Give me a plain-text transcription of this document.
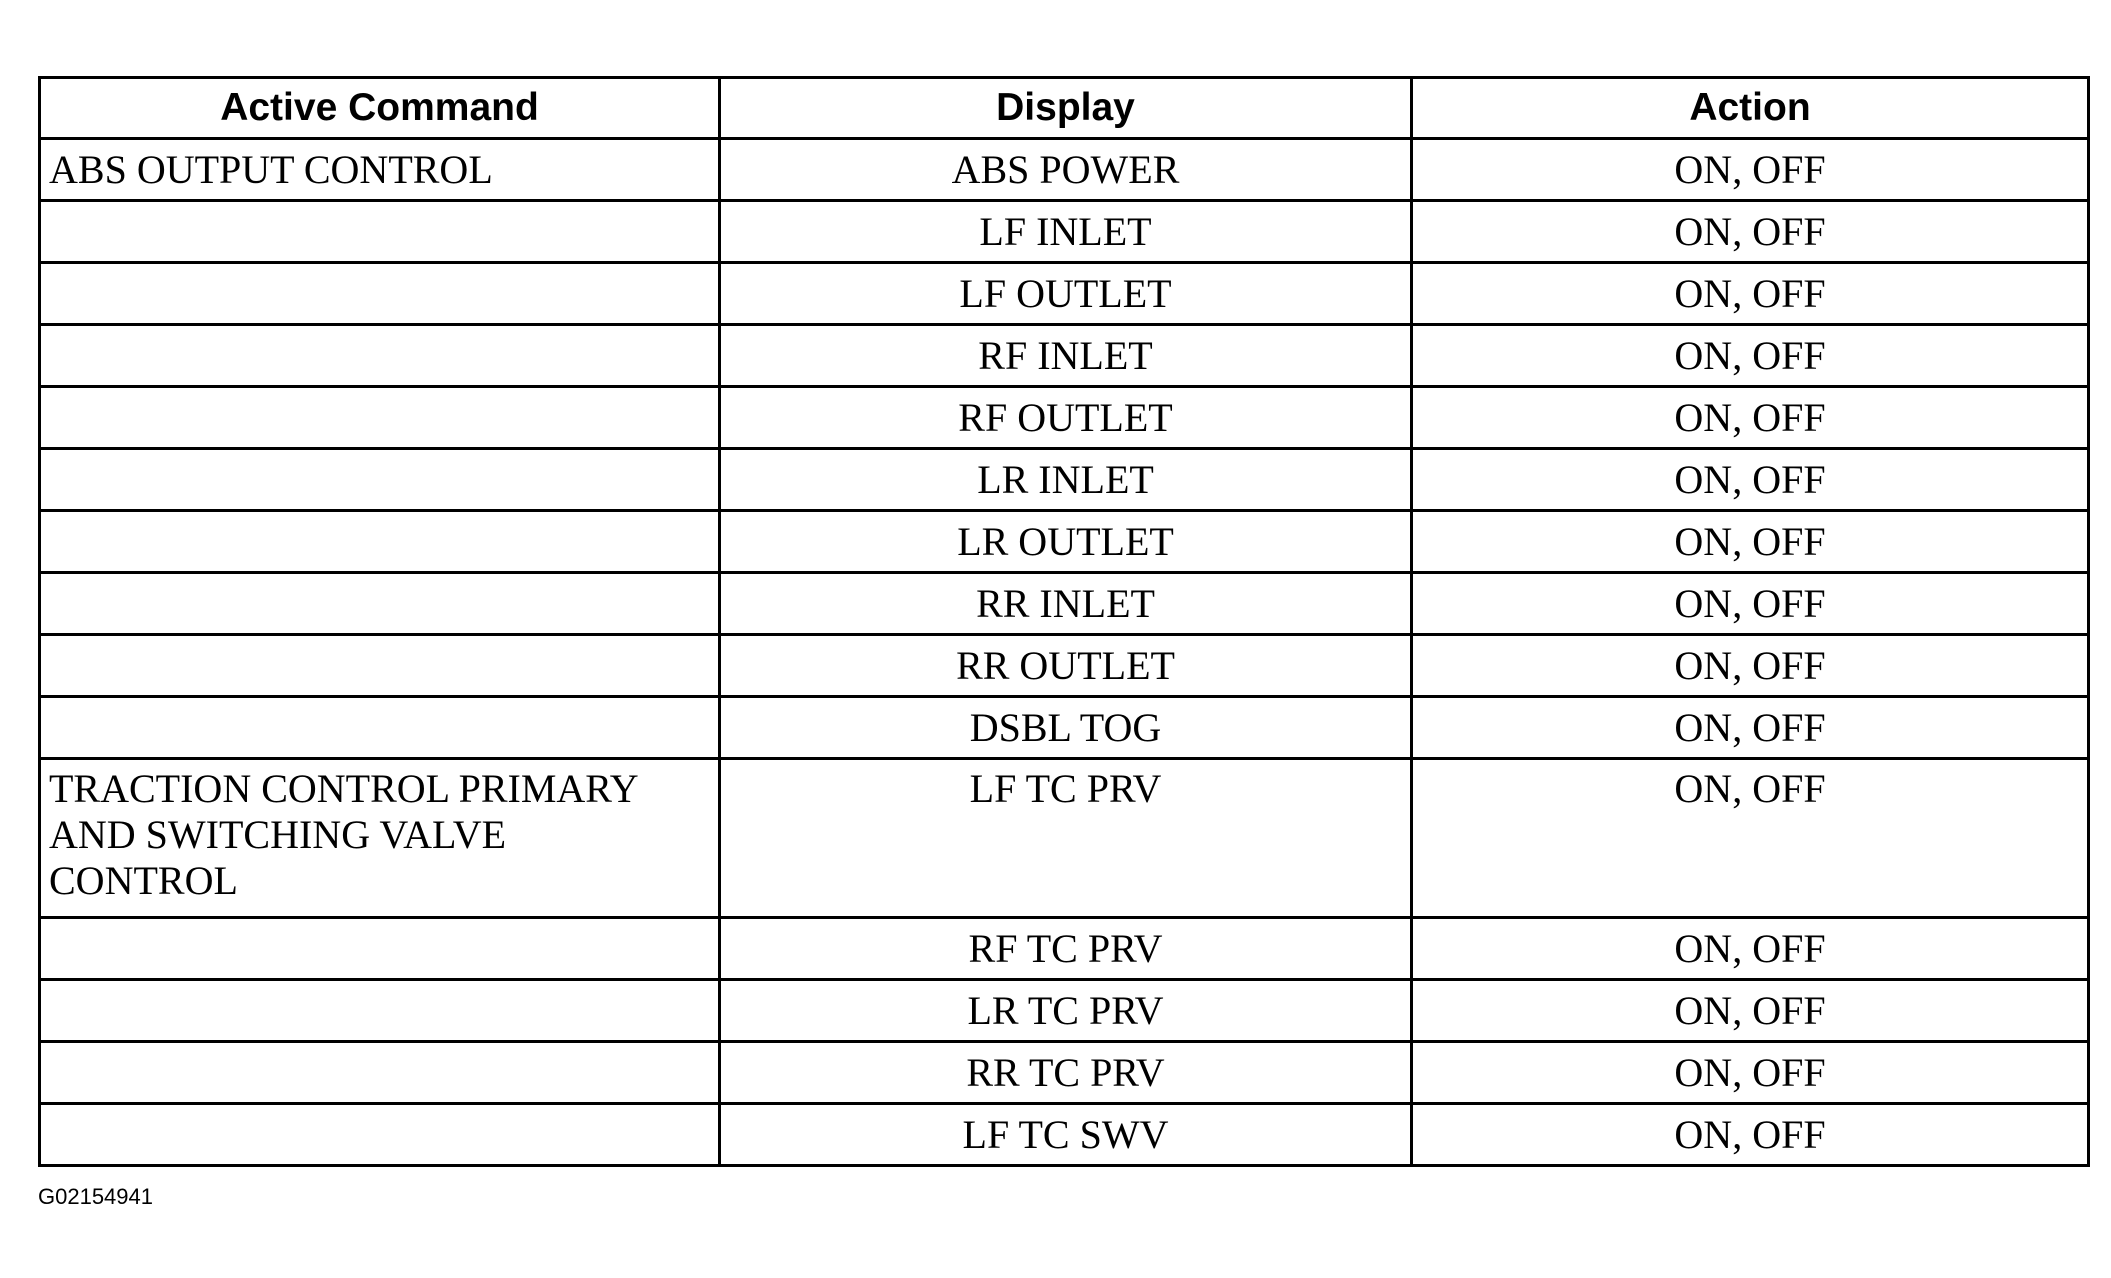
Active Command	Display	Action
ABS OUTPUT CONTROL	ABS POWER	ON, OFF
	LF INLET	ON, OFF
	LF OUTLET	ON, OFF
	RF INLET	ON, OFF
	RF OUTLET	ON, OFF
	LR INLET	ON, OFF
	LR OUTLET	ON, OFF
	RR INLET	ON, OFF
	RR OUTLET	ON, OFF
	DSBL TOG	ON, OFF
TRACTION CONTROL PRIMARY
AND SWITCHING VALVE
CONTROL	LF TC PRV	ON, OFF
	RF TC PRV	ON, OFF
	LR TC PRV	ON, OFF
	RR TC PRV	ON, OFF
	LF TC SWV	ON, OFF
G02154941
